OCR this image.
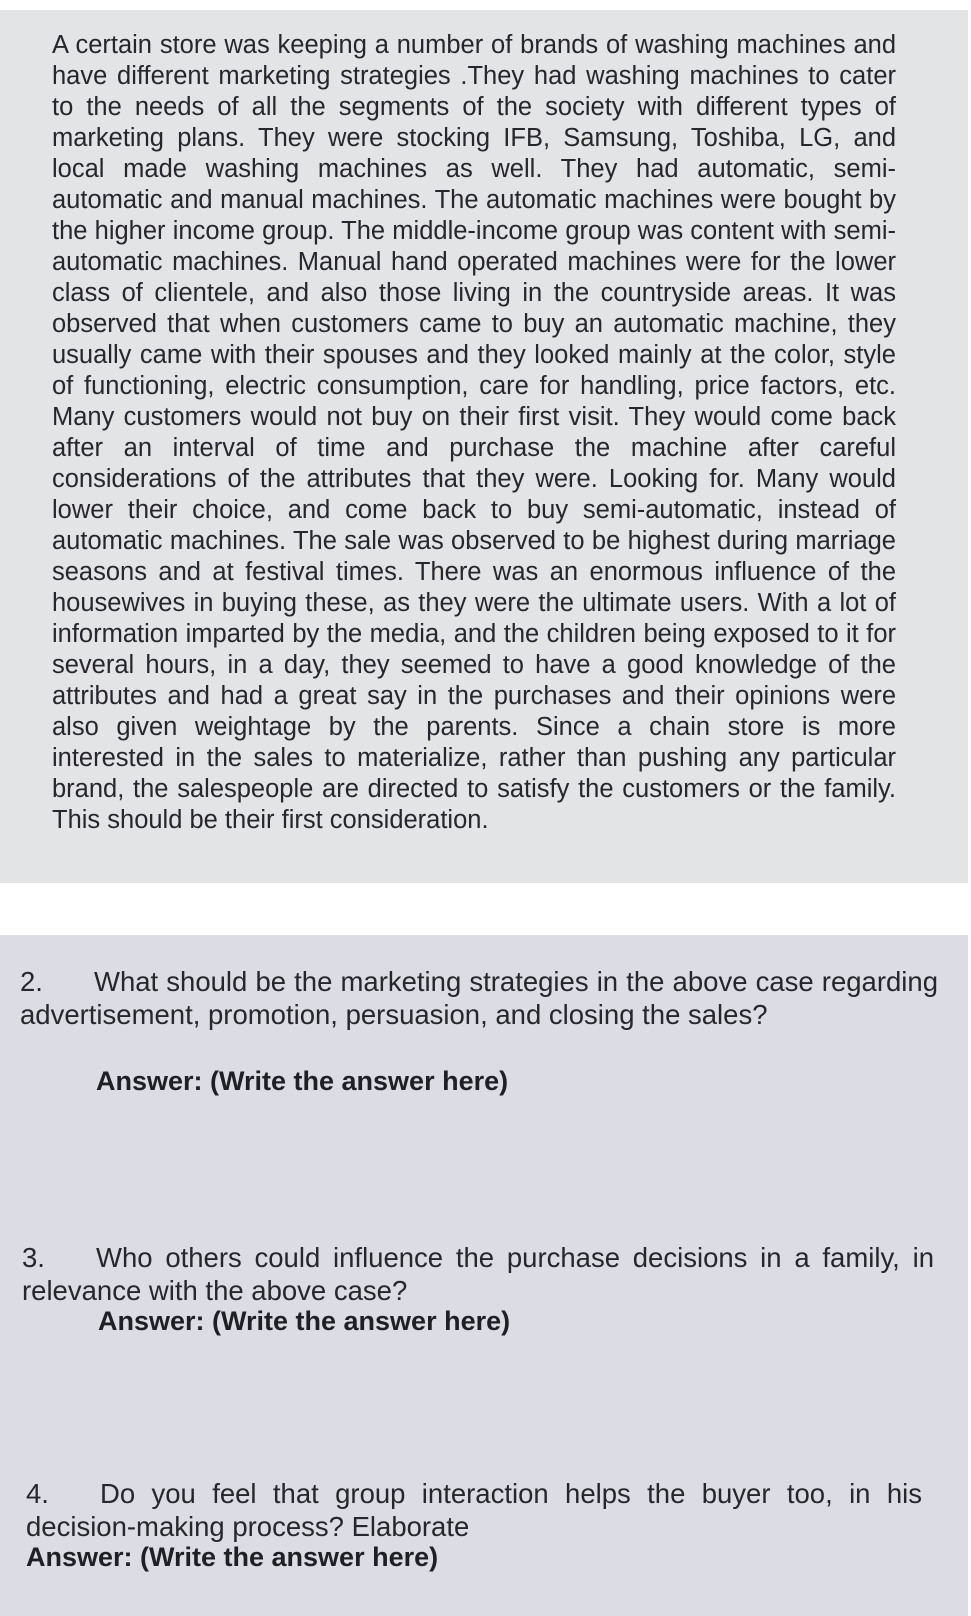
A certain store was keeping a number of brands of washing machines and have different marketing strategies .They had washing machines to cater to the needs of all the segments of the society with different types of marketing plans. They were stocking IFB, Samsung, Toshiba, LG, and local made washing machines as well. They had automatic, semi-automatic and manual machines. The automatic machines were bought by the higher income group. The middle-income group was content with semi-automatic machines. Manual hand operated machines were for the lower class of clientele, and also those living in the countryside areas. It was observed that when customers came to buy an automatic machine, they usually came with their spouses and they looked mainly at the color, style of functioning, electric consumption, care for handling, price factors, etc. Many customers would not buy on their first visit. They would come back after an interval of time and purchase the machine after careful considerations of the attributes that they were. Looking for. Many would lower their choice, and come back to buy semi-automatic, instead of automatic machines. The sale was observed to be highest during marriage seasons and at festival times. There was an enormous influence of the housewives in buying these, as they were the ultimate users. With a lot of information imparted by the media, and the children being exposed to it for several hours, in a day, they seemed to have a good knowledge of the attributes and had a great say in the purchases and their opinions were also given weightage by the parents. Since a chain store is more interested in the sales to materialize, rather than pushing any particular brand, the salespeople are directed to satisfy the customers or the family. This should be their first consideration.

2. What should be the marketing strategies in the above case regarding advertisement, promotion, persuasion, and closing the sales?
Answer: (Write the answer here)
3. Who others could influence the purchase decisions in a family, in relevance with the above case?
Answer: (Write the answer here)
4. Do you feel that group interaction helps the buyer too, in his decision-making process? Elaborate
Answer: (Write the answer here)
